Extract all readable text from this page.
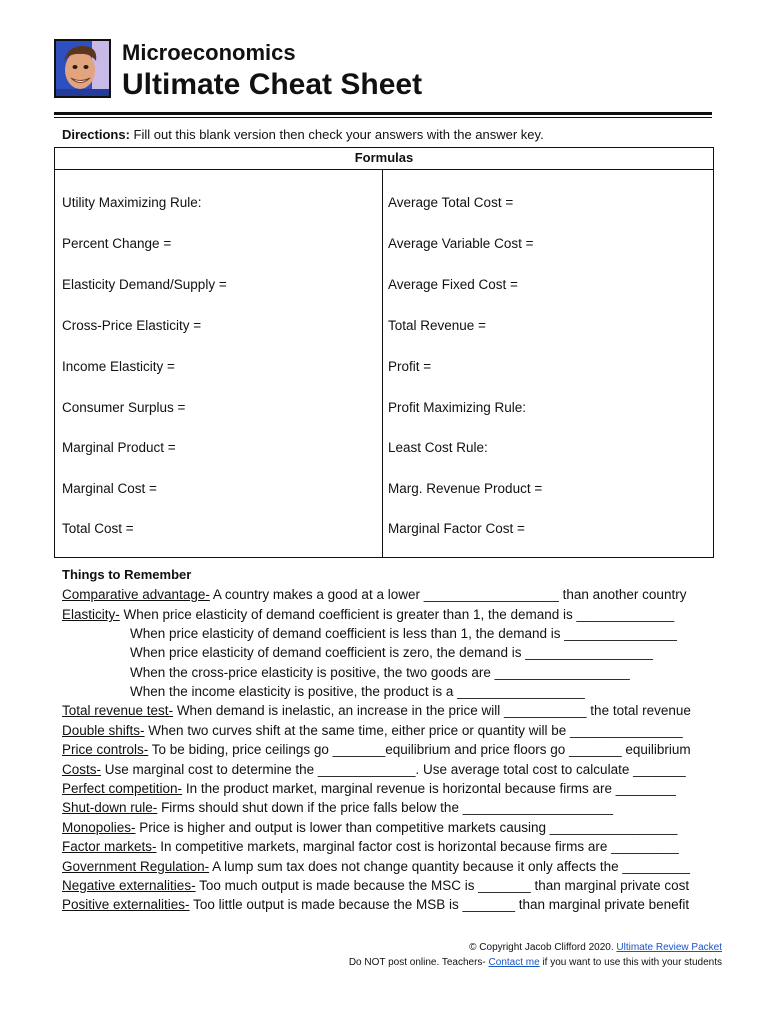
Microeconomics
Ultimate Cheat Sheet
Directions: Fill out this blank version then check your answers with the answer key.
Formulas
Utility Maximizing Rule:
Percent Change =
Elasticity Demand/Supply =
Cross-Price Elasticity =
Income Elasticity =
Consumer Surplus =
Marginal Product =
Marginal Cost =
Total Cost =
Average Total Cost =
Average Variable Cost =
Average Fixed Cost =
Total Revenue =
Profit =
Profit Maximizing Rule:
Least Cost Rule:
Marg. Revenue Product =
Marginal Factor Cost =
Things to Remember
Comparative advantage- A country makes a good at a lower __________________ than another country
Elasticity- When price elasticity of demand coefficient is greater than 1, the demand is _____________
When price elasticity of demand coefficient is less than 1, the demand is _______________
When price elasticity of demand coefficient is zero, the demand is _________________
When the cross-price elasticity is positive, the two goods are __________________
When the income elasticity is positive, the product is a _________________
Total revenue test- When demand is inelastic, an increase in the price will ___________ the total revenue
Double shifts- When two curves shift at the same time, either price or quantity will be _______________
Price controls- To be biding, price ceilings go _______equilibrium and price floors go _______ equilibrium
Costs- Use marginal cost to determine the _____________. Use average total cost to calculate _______
Perfect competition- In the product market, marginal revenue is horizontal because firms are ________
Shut-down rule- Firms should shut down if the price falls below the ____________________
Monopolies- Price is higher and output is lower than competitive markets causing _________________
Factor markets- In competitive markets, marginal factor cost is horizontal because firms are _________
Government Regulation- A lump sum tax does not change quantity because it only affects the _________
Negative externalities- Too much output is made because the MSC is _______ than marginal private cost
Positive externalities- Too little output is made because the MSB is _______ than marginal private benefit
© Copyright Jacob Clifford 2020. Ultimate Review Packet
Do NOT post online. Teachers- Contact me if you want to use this with your students
